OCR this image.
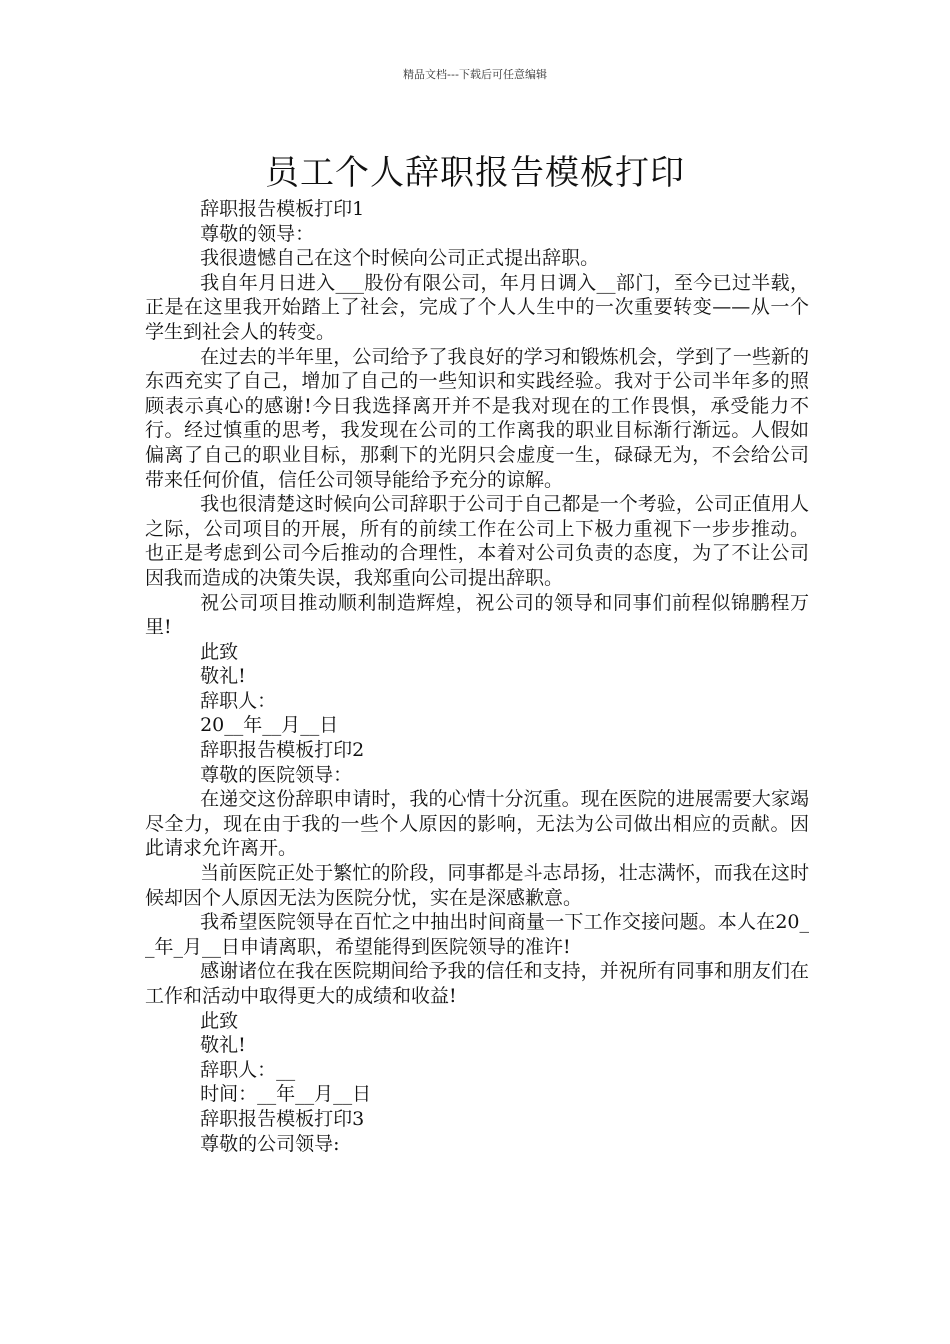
精品文档---下载后可任意编辑
员工个人辞职报告模板打印

辞职报告模板打印1

尊敬的领导：

我很遗憾自己在这个时候向公司正式提出辞职。

我自年月日进入___股份有限公司，年月日调入__部门，至今已过半载，正是在这里我开始踏上了社会，完成了个人人生中的一次重要转变——从一个学生到社会人的转变。

在过去的半年里，公司给予了我良好的学习和锻炼机会，学到了一些新的东西充实了自己，增加了自己的一些知识和实践经验。我对于公司半年多的照顾表示真心的感谢!今日我选择离开并不是我对现在的工作畏惧，承受能力不行。经过慎重的思考，我发现在公司的工作离我的职业目标渐行渐远。人假如偏离了自己的职业目标，那剩下的光阴只会虚度一生，碌碌无为，不会给公司带来任何价值，信任公司领导能给予充分的谅解。

我也很清楚这时候向公司辞职于公司于自己都是一个考验，公司正值用人之际，公司项目的开展，所有的前续工作在公司上下极力重视下一步步推动。也正是考虑到公司今后推动的合理性，本着对公司负责的态度，为了不让公司因我而造成的决策失误，我郑重向公司提出辞职。

祝公司项目推动顺利制造辉煌，祝公司的领导和同事们前程似锦鹏程万里!

此致

敬礼!

辞职人：

20__年__月__日

辞职报告模板打印2

尊敬的医院领导：

在递交这份辞职申请时，我的心情十分沉重。现在医院的进展需要大家竭尽全力，现在由于我的一些个人原因的影响，无法为公司做出相应的贡献。因此请求允许离开。

当前医院正处于繁忙的阶段，同事都是斗志昂扬，壮志满怀，而我在这时候却因个人原因无法为医院分忧，实在是深感歉意。

我希望医院领导在百忙之中抽出时间商量一下工作交接问题。本人在20__年_月__日申请离职，希望能得到医院领导的准许!

感谢诸位在我在医院期间给予我的信任和支持，并祝所有同事和朋友们在工作和活动中取得更大的成绩和收益!

此致

敬礼!

辞职人：__

时间：__年__月__日

辞职报告模板打印3

尊敬的公司领导:
